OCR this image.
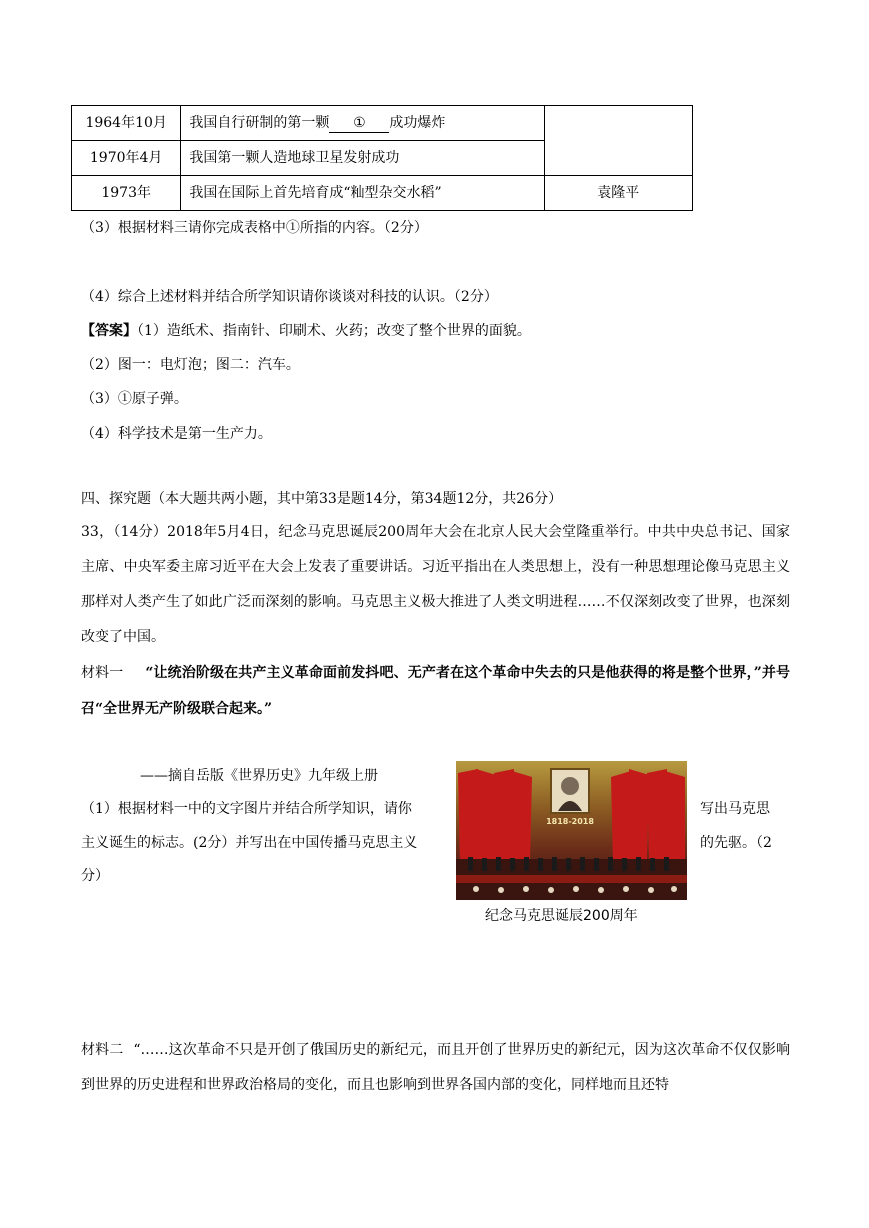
1964年10月	我国自行研制的第一颗 ① 成功爆炸	
1970年4月	我国第一颗人造地球卫星发射成功	
1973年	我国在国际上首先培育成“籼型杂交水稻”	袁隆平
（3）根据材料三请你完成表格中①所指的内容。（2分）
（4）综合上述材料并结合所学知识请你谈谈对科技的认识。（2分）
【答案】（1）造纸术、指南针、印刷术、火药；改变了整个世界的面貌。
（2）图一：电灯泡；图二：汽车。
（3）①原子弹。
（4）科学技术是第一生产力。
四、探究题（本大题共两小题，其中第33是题14分，第34题12分，共26分）
33，（14分）2018年5月4日，纪念马克思诞辰200周年大会在北京人民大会堂隆重举行。中共中央总书记、国家主席、中央军委主席习近平在大会上发表了重要讲话。习近平指出在人类思想上，没有一种思想理论像马克思主义那样对人类产生了如此广泛而深刻的影响。马克思主义极大推进了人类文明进程……不仅深刻改变了世界，也深刻改变了中国。
材料一 “让统治阶级在共产主义革命面前发抖吧、无产者在这个革命中失去的只是他获得的将是整个世界，”并号召“全世界无产阶级联合起来。”
——摘自岳版《世界历史》九年级上册
（1）根据材料一中的文字图片并结合所学知识，请你	写出马克思
主义诞生的标志。(2分）并写出在中国传播马克思主义	的先驱。（2
分）
1818-2018
纪念马克思诞辰200周年
材料二 “……这次革命不只是开创了俄国历史的新纪元，而且开创了世界历史的新纪元，因为这次革命不仅仅影响到世界的历史进程和世界政治格局的变化，而且也影响到世界各国内部的变化，同样地而且还特
